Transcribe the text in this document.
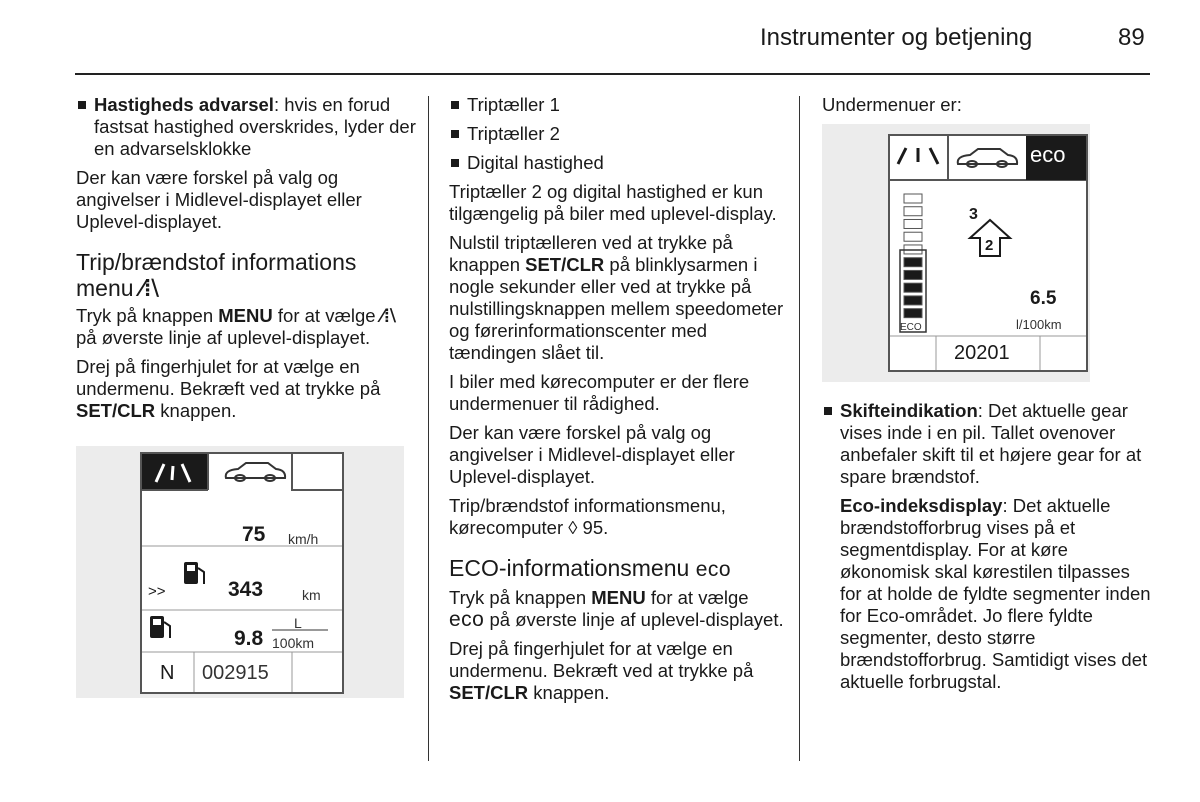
Instrumenter og betjening	89
Hastigheds advarsel: hvis en forud fastsat hastighed overskrides, lyder der en advarselsklokke

Der kan være forskel på valg og angivelser i Midlevel-displayet eller Uplevel-displayet.

Trip/brændstof informations menu ⁄⁞⧵

Tryk på knappen MENU for at vælge ⁄⁞⧵ på øverste linje af uplevel-displayet.

Drej på fingerhjulet for at vælge en undermenu. Bekræft ved at trykke på SET/CLR knappen.

75 km/h
>>	343	km
9.8
L
100km
N 002915
Triptæller 1
Triptæller 2
Digital hastighed

Triptæller 2 og digital hastighed er kun tilgængelig på biler med uplevel-display.

Nulstil triptælleren ved at trykke på knappen SET/CLR på blinklysarmen i nogle sekunder eller ved at trykke på nulstillingsknappen mellem speedometer og førerinformationscenter med tændingen slået til.

I biler med kørecomputer er der flere undermenuer til rådighed.

Der kan være forskel på valg og angivelser i Midlevel-displayet eller Uplevel-displayet.

Trip/brændstof informationsmenu, kørecomputer ◊ 95.

ECO-informationsmenu eco

Tryk på knappen MENU for at vælge eco på øverste linje af uplevel-displayet.

Drej på fingerhjulet for at vælge en undermenu. Bekræft ved at trykke på SET/CLR knappen.

Undermenuer er:

eco
3
2
6.5
l/100km
ECO
20201
Skifteindikation: Det aktuelle gear vises inde i en pil. Tallet ovenover anbefaler skift til et højere gear for at spare brændstof.

Eco-indeksdisplay: Det aktuelle brændstofforbrug vises på et segmentdisplay. For at køre økonomisk skal kørestilen tilpasses for at holde de fyldte segmenter inden for Eco-området. Jo flere fyldte segmenter, desto større brændstofforbrug. Samtidigt vises det aktuelle forbrugstal.
